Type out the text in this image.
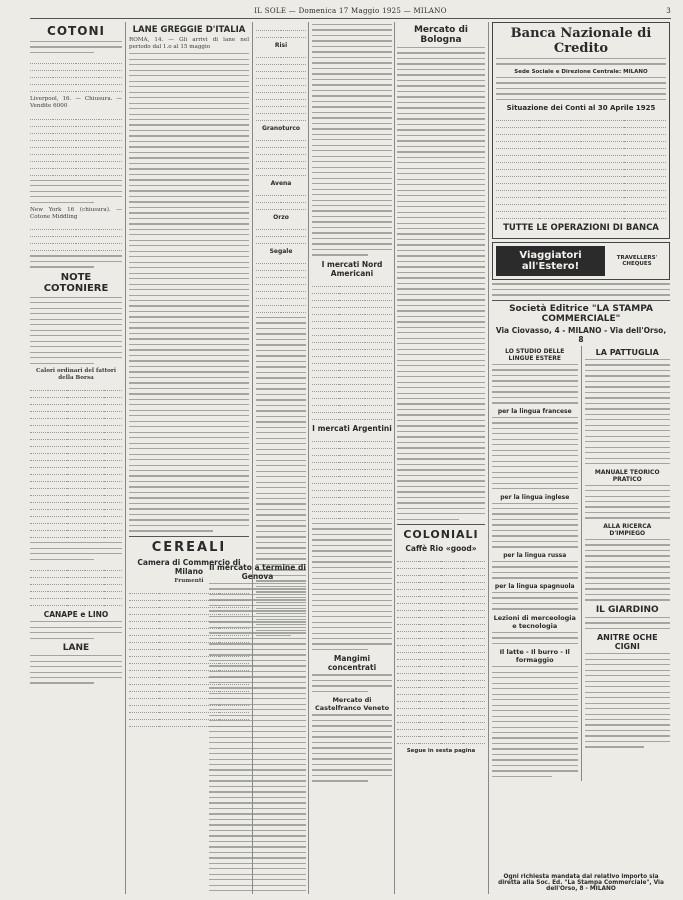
IL SOLE — Domenica 17 Maggio 1925 — MILANO	3
COTONI

Liverpool, 16. — Chiusura. — Vendite 6000

New York 16 (chiusura). — Cotone Middling

NOTE COTONIERE
Calori ordinari del fattori della Borsa

CANAPE e LINO
LANE
LANE GREGGIE D'ITALIA
ROMA, 14. — Gli arrivi di lane nel periodo dal 1.o al 15 maggio
CEREALI
Camera di Commercio di Milano
Frumenti

Risi

Granoturco

Avena

Orzo

Segale

Il mercato a termine di Genova
I mercati Nord Americani

I mercati Argentini

Mangimi concentrati
Mercato di Castelfranco Veneto
Mercato di Bologna
COLONIALI
Caffè Rio «good»

Segue in sesta pagina
Banca Nazionale di Credito
Sede Sociale e Direzione Centrale: MILANO
Situazione dei Conti al 30 Aprile 1925

TUTTE LE OPERAZIONI DI BANCA
Viaggiatori all'Estero!
TRAVELLERS' CHEQUES
Società Editrice "LA STAMPA COMMERCIALE"
Via Ciovasso, 4 - MILANO - Via dell'Orso, 8
LO STUDIO DELLE LINGUE ESTERE
per la lingua francese
per la lingua inglese
per la lingua russa
per la lingua spagnuola
Lezioni di merceologia e tecnologia
Il latte - Il burro - Il formaggio
LA PATTUGLIA
MANUALE TEORICO PRATICO
ALLA RICERCA D'IMPIEGO
IL GIARDINO
ANITRE OCHE CIGNI
Ogni richiesta mandata dal relativo importo sia diretta alla Soc. Ed. "La Stampa Commerciale", Via dell'Orso, 8 - MILANO
